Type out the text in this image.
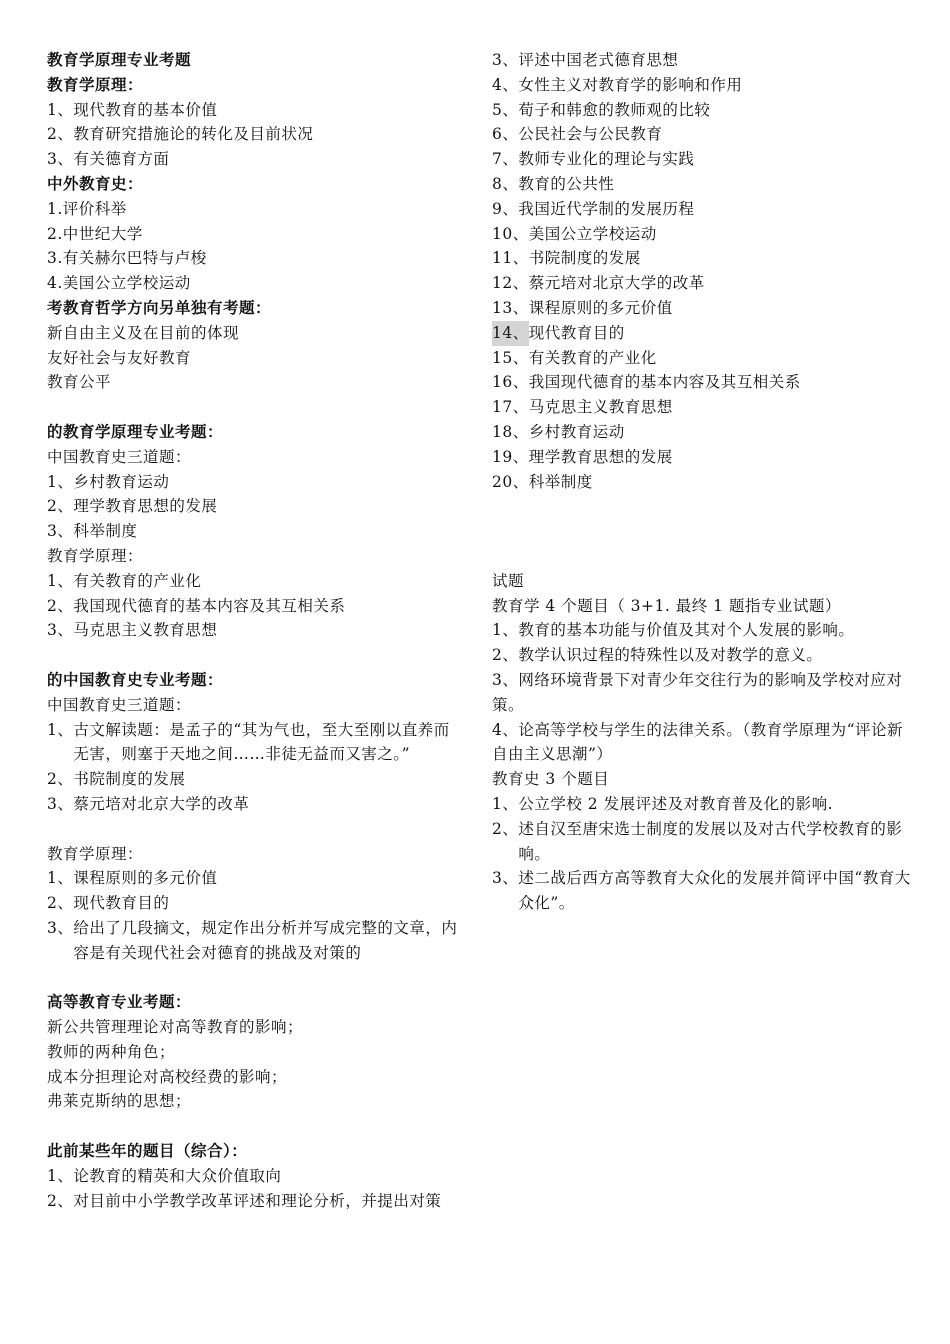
教育学原理专业考题
教育学原理：
1、 现代教育的基本价值
2、 教育研究措施论的转化及目前状况
3、 有关德育方面
中外教育史：
1. 评价科举
2. 中世纪大学
3. 有关赫尔巴特与卢梭
4. 美国公立学校运动
考教育哲学方向另单独有考题：
新自由主义及在目前的体现
友好社会与友好教育
教育公平
的教育学原理专业考题：
中国教育史三道题：
1、 乡村教育运动
2、 理学教育思想的发展
3、 科举制度
教育学原理：
1、 有关教育的产业化
2、 我国现代德育的基本内容及其互相关系
3、 马克思主义教育思想
的中国教育史专业考题：
中国教育史三道题：
1、 古文解读题：是孟子的“其为气也，至大至刚以直养而无害，则塞于天地之间……非徒无益而又害之。”
2、 书院制度的发展
3、 蔡元培对北京大学的改革
教育学原理：
1、 课程原则的多元价值
2、 现代教育目的
3、 给出了几段摘文，规定作出分析并写成完整的文章，内容是有关现代社会对德育的挑战及对策的
高等教育专业考题：
新公共管理理论对高等教育的影响；
教师的两种角色；
成本分担理论对高校经费的影响；
弗莱克斯纳的思想；
此前某些年的题目（综合）：
1、 论教育的精英和大众价值取向
2、 对目前中小学教学改革评述和理论分析，并提出对策
3、 评述中国老式德育思想
4、 女性主义对教育学的影响和作用
5、 荀子和韩愈的教师观的比较
6、 公民社会与公民教育
7、 教师专业化的理论与实践
8、 教育的公共性
9、 我国近代学制的发展历程
10、 美国公立学校运动
11、 书院制度的发展
12、 蔡元培对北京大学的改革
13、 课程原则的多元价值
14、 现代教育目的
15、 有关教育的产业化
16、 我国现代德育的基本内容及其互相关系
17、 马克思主义教育思想
18、 乡村教育运动
19、 理学教育思想的发展
20、 科举制度
试题
教育学 4 个题目（ 3+1. 最终 1 题指专业试题）
1、 教育的基本功能与价值及其对个人发展的影响。
2、 教学认识过程的特殊性以及对教学的意义。
3、网络环境背景下对青少年交往行为的影响及学校对应对策。
4、论高等学校与学生的法律关系。（教育学原理为“评论新自由主义思潮”）
教育史 3 个题目
1、 公立学校 2 发展评述及对教育普及化的影响.
2、 述自汉至唐宋选士制度的发展以及对古代学校教育的影响。
3、 述二战后西方高等教育大众化的发展并简评中国“教育大众化”。
